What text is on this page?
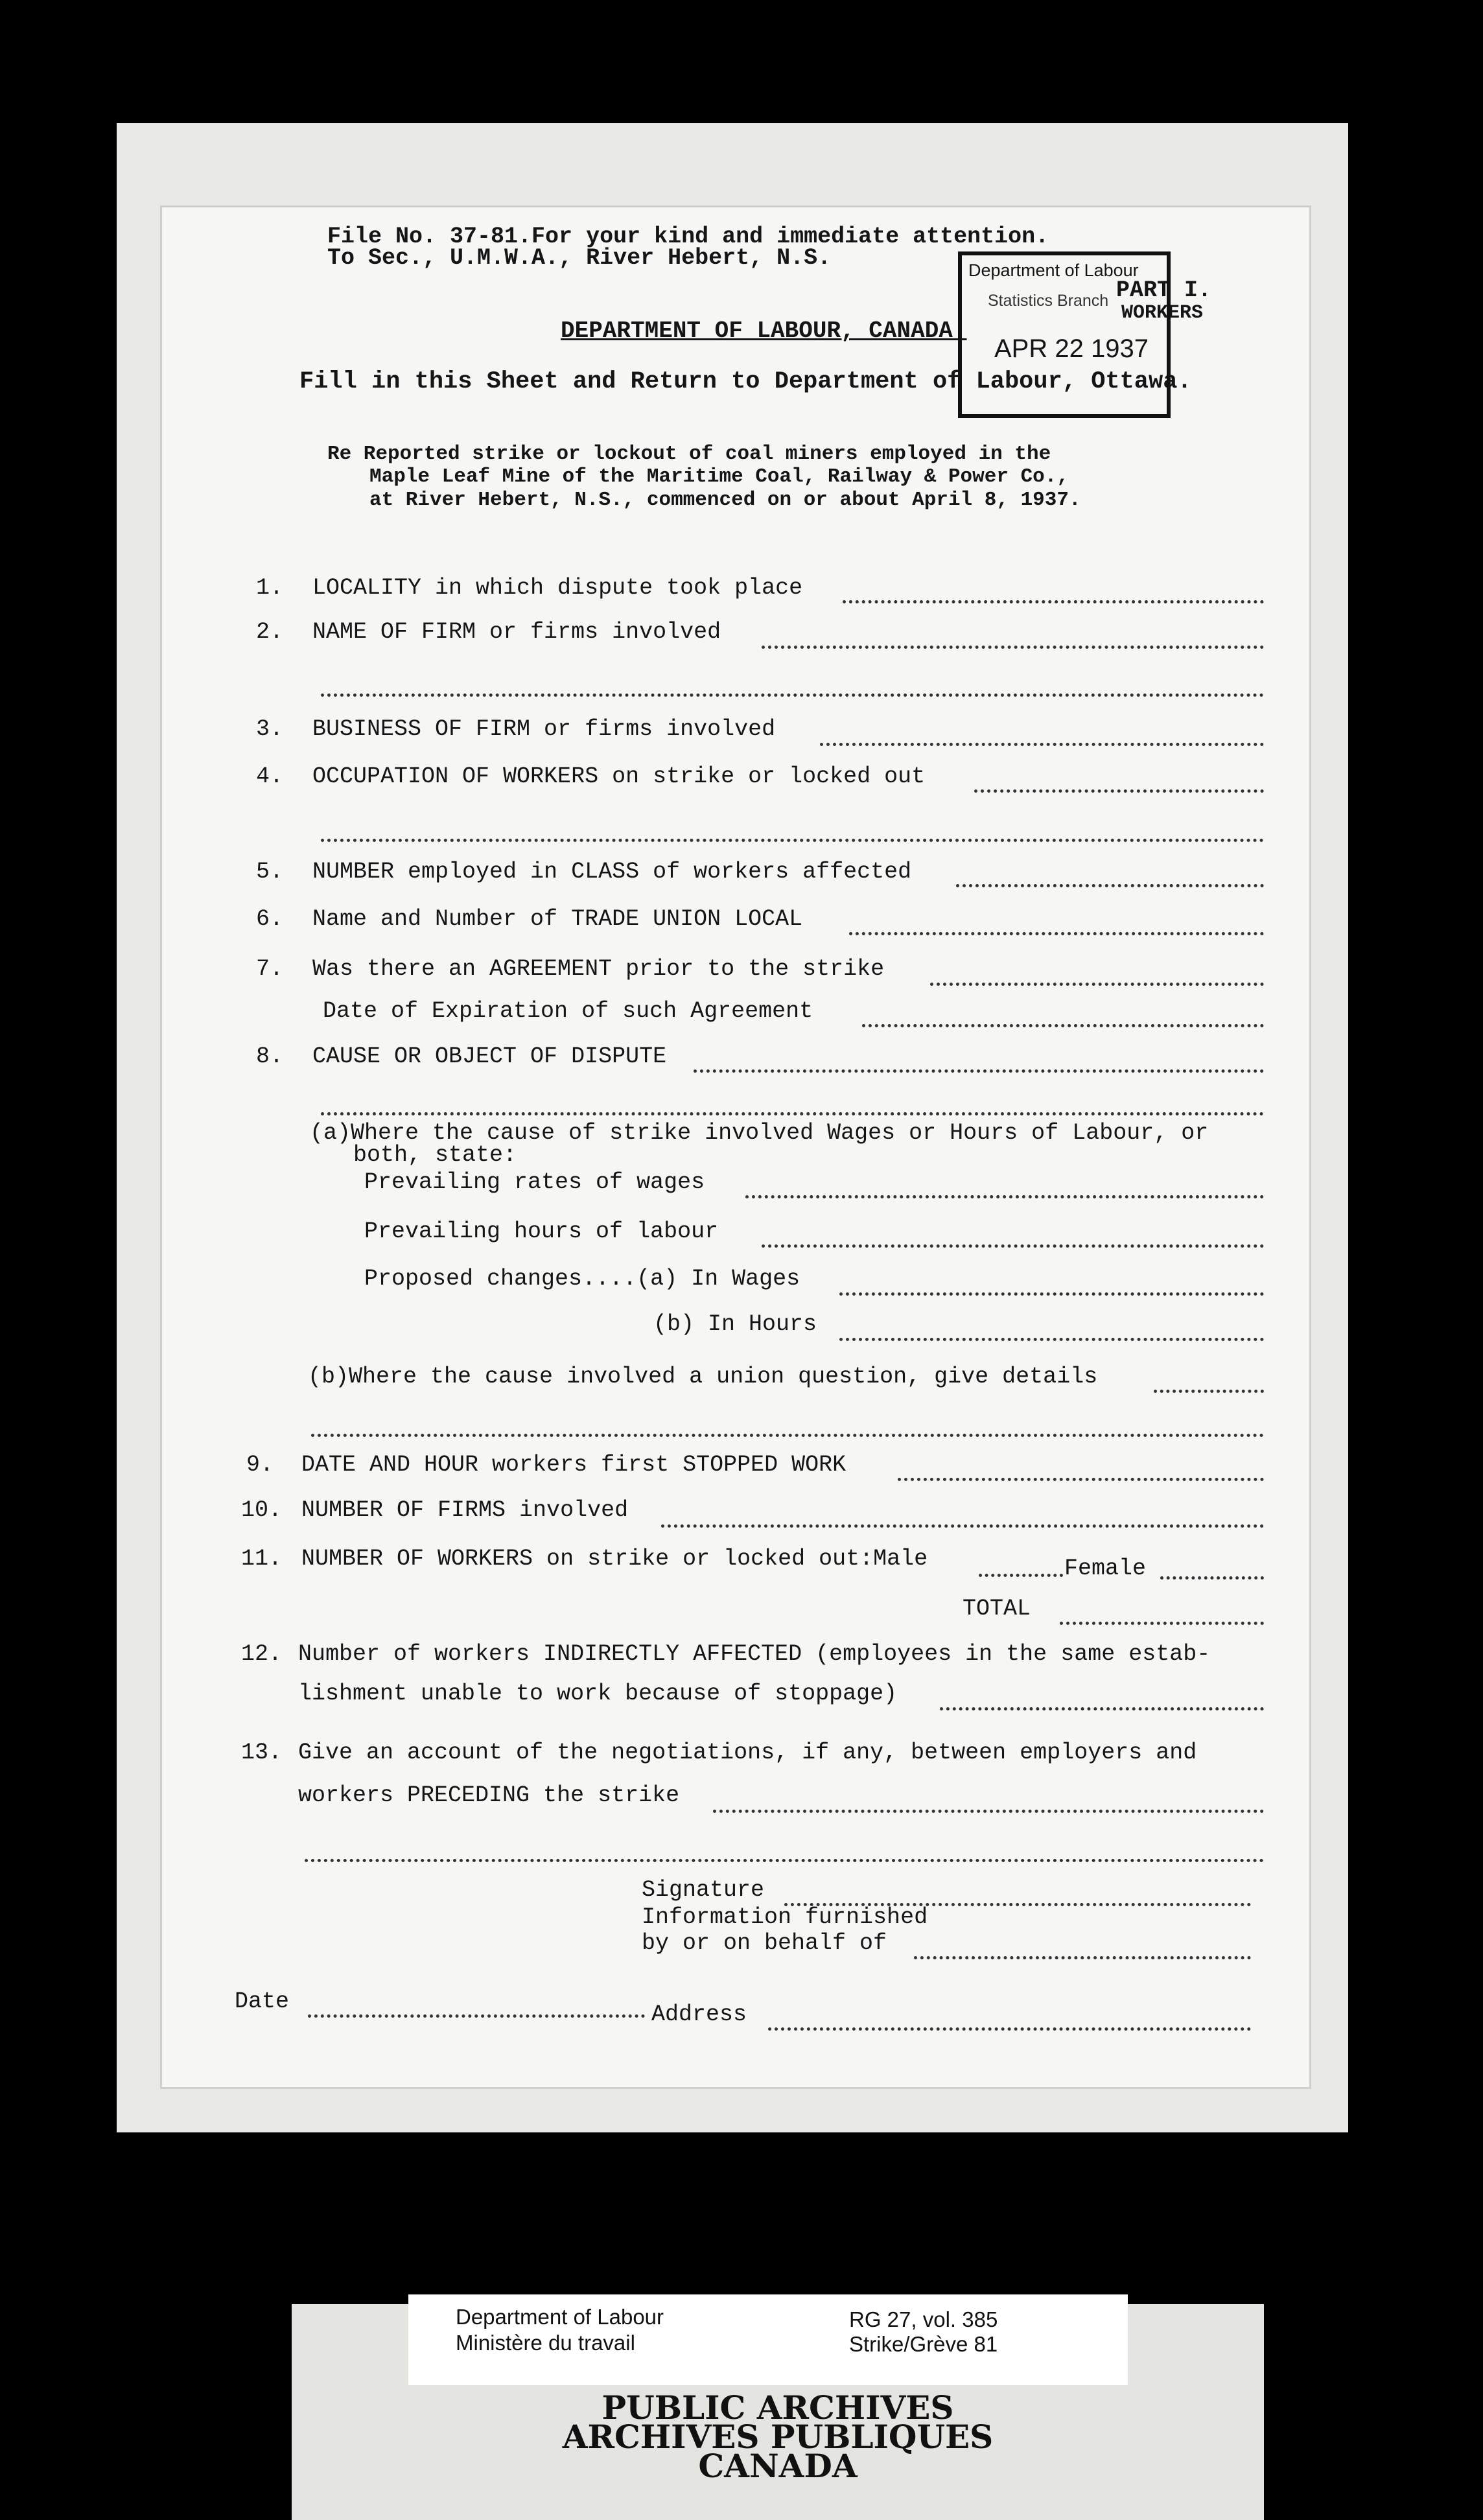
File No. 37-81.For your kind and immediate attention.
To Sec., U.M.W.A., River Hebert, N.S.
DEPARTMENT OF LABOUR, CANADA.
PART I.
WORKERS
Fill in this Sheet and Return to Department of Labour, Ottawa.
Department of Labour
Statistics Branch
APR 22 1937
Re Reported strike or lockout of coal miners employed in the
Maple Leaf Mine of the Maritime Coal, Railway & Power Co.,
at River Hebert, N.S., commenced on or about April 8, 1937.
1. LOCALITY in which dispute took place
2. NAME OF FIRM or firms involved
3. BUSINESS OF FIRM or firms involved
4. OCCUPATION OF WORKERS on strike or locked out
5. NUMBER employed in CLASS of workers affected
6. Name and Number of TRADE UNION LOCAL
7. Was there an AGREEMENT prior to the strike
Date of Expiration of such Agreement
8. CAUSE OR OBJECT OF DISPUTE
(a)Where the cause of strike involved Wages or Hours of Labour, or
both, state:
Prevailing rates of wages
Prevailing hours of labour
Proposed changes....(a) In Wages
(b) In Hours
(b)Where the cause involved a union question, give details
9. DATE AND HOUR workers first STOPPED WORK
10. NUMBER OF FIRMS involved
11. NUMBER OF WORKERS on strike or locked out:Male	Female
TOTAL
12. Number of workers INDIRECTLY AFFECTED (employees in the same estab-
lishment unable to work because of stoppage)
13. Give an account of the negotiations, if any, between employers and
workers PRECEDING the strike
Signature
Information furnished
by or on behalf of
Date	Address
PUBLIC ARCHIVES
ARCHIVES PUBLIQUES
CANADA
Department of Labour
Ministère du travail
RG 27, vol. 385
Strike/Grève 81
